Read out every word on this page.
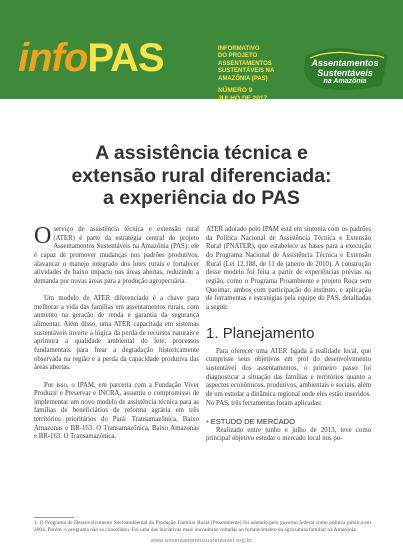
infoPAS	INFORMATIVO
DO PROJETO
ASSENTAMENTOS
SUSTENTÁVEIS NA
AMAZÔNIA (PAS)
NÚMERO 9
JULHO DE 2017
Assentamentos
Sustentáveis
na Amazônia
A assistência técnica e
extensão rural diferenciada:
a experiência do PAS

O serviço de assistência técnica e extensão rural (ATER) é parte da estratégia central do projeto Assentamentos Sustentáveis na Amazônia (PAS): ele é capaz de promover mudanças nos padrões produtivos, alavancar o manejo integrado dos lotes rurais e fortalecer atividades de baixo impacto nas áreas abertas, reduzindo a demanda por novas áreas para a produção agropecuária.

Um modelo de ATER diferenciado é a chave para melhorar a vida das famílias em assentamentos rurais, com aumento na geração de renda e garantia da segurança alimentar. Além disso, uma ATER capacitada em sistemas sustentáveis inverte a lógica da perda de recursos naturais e aprimora a qualidade ambiental do lote, processos fundamentais para frear a degradação historicamente observada na região e a perda da capacidade produtiva das áreas abertas.

Por isso, o IPAM, em parceria com a Fundação Viver Produzir e Preservar e INCRA, assumiu o compromisso de implementar um novo modelo de assistência técnica para as famílias de beneficiários de reforma agrária em três territórios prioritários do Pará: Transamazônica, Baixo Amazonas e BR-163. O Transamazônica, Baixo Amazonas e BR-163. O Transamazônica,

ATER adotado pelo IPAM está em sintonia com os padrões da Política Nacional de Assistência Técnica e Extensão Rural (PNATER), que estabelece as bases para a execução do Programa Nacional de Assistência Técnica e Extensão Rural (Lei 12.188, de 11 de janeiro de 2010). A construção desse modelo foi feita a partir de experiências prévias na região, como o Programa Proambiente e projeto Roça sem Queimar, ambos com participação do instituto, e aplicação de ferramentas e estratégias pela equipe do PAS, detalhadas a seguir.

1. Planejamento

Para oferecer uma ATER ligada à realidade local, que cumprisse seus objetivos em prol do desenvolvimento sustentável dos assentamentos, o primeiro passo foi diagnosticar a situação das famílias e territórios quanto a aspectos econômicos, produtivos, ambientais e sociais, além de um estudar a dinâmica regional onde eles estão inseridos. No PAS, três ferramentas foram aplicadas:

• ESTUDO DE MERCADO

Realizado entre junho e julho de 2013, teve como principal objetivo estudar o mercado local nos po-

1. O Programa de Desenvolvimento Socioambiental da Produção Familiar Rural (Proambiente) foi adotado pelo governo federal como política pública em 2004. Porém, o programa não se consolidou. Foi uma das iniciativas mais inovadoras voltadas ao fortalecimento da agricultura familiar na Amazônia.
www.assentamentosustentavel.org.br
